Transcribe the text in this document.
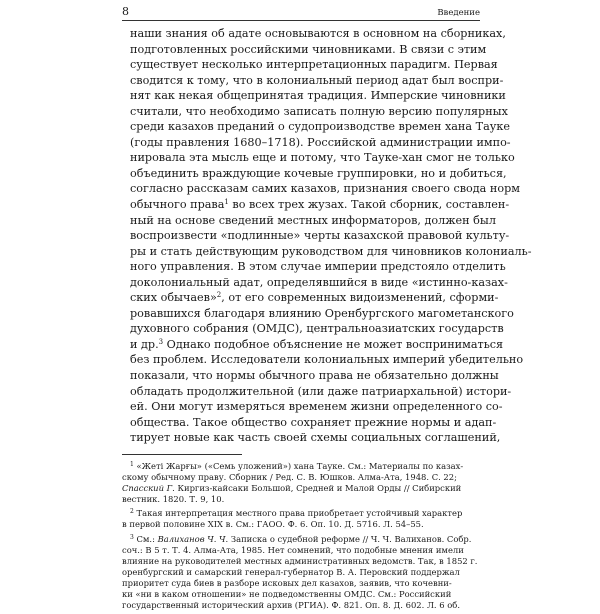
8	Введение
наши знания об адате основываются в основном на сборниках,
подготовленных российскими чиновниками. В связи с этим
существует несколько интерпретационных парадигм. Первая
сводится к тому, что в колониальный период адат был воспри-
нят как некая общепринятая традиция. Имперские чиновники
считали, что необходимо записать полную версию популярных
среди казахов преданий о судопроизводстве времен хана Тауке
(годы правления 1680–1718). Российской администрации импо-
нировала эта мысль еще и потому, что Тауке-хан смог не только
объединить враждующие кочевые группировки, но и добиться,
согласно рассказам самих казахов, признания своего свода норм
обычного права$^1$ во всех трех жузах. Такой сборник, составлен-
ный на основе сведений местных информаторов, должен был
воспроизвести «подлинные» черты казахской правовой культу-
ры и стать действующим руководством для чиновников колониаль-
ного управления. В этом случае империи предстояло отделить
доколониальный адат, определявшийся в виде «истинно-казах-
ских обычаев»$^2$, от его современных видоизменений, сформи-
ровавшихся благодаря влиянию Оренбургского магометанского
духовного собрания (ОМДС), центральноазиатских государств
и др.$^3$ Однако подобное объяснение не может восприниматься
без проблем. Исследователи колониальных империй убедительно
показали, что нормы обычного права не обязательно должны
обладать продолжительной (или даже патриархальной) истори-
ей. Они могут измеряться временем жизни определенного со-
общества. Такое общество сохраняет прежние нормы и адап-
тирует новые как часть своей схемы социальных соглашений,
$^1$ «Жеті Жарғы» («Семь уложений») хана Тауке. См.: Материалы по казах-
скому обычному праву. Сборник / Ред. С. В. Юшков. Алма-Ата, 1948. С. 22;
Спасский Г. Киргиз-кайсаки Большой, Средней и Малой Орды // Сибирский
вестник. 1820. Т. 9, 10.
$^2$ Такая интерпретация местного права приобретает устойчивый характер
в первой половине XIX в. См.: ГАОО. Ф. 6. Оп. 10. Д. 5716. Л. 54–55.
$^3$ См.: Валиханов Ч. Ч. Записка о судебной реформе // Ч. Ч. Валиханов. Собр.
соч.: В 5 т. Т. 4. Алма-Ата, 1985. Нет сомнений, что подобные мнения имели
влияние на руководителей местных административных ведомств. Так, в 1852 г.
оренбургский и самарский генерал-губернатор В. А. Перовский поддержал
приоритет суда биев в разборе исковых дел казахов, заявив, что кочевни-
ки «ни в каком отношении» не подведомственны ОМДС. См.: Российский
государственный исторический архив (РГИА). Ф. 821. Оп. 8. Д. 602. Л. 6 об.
